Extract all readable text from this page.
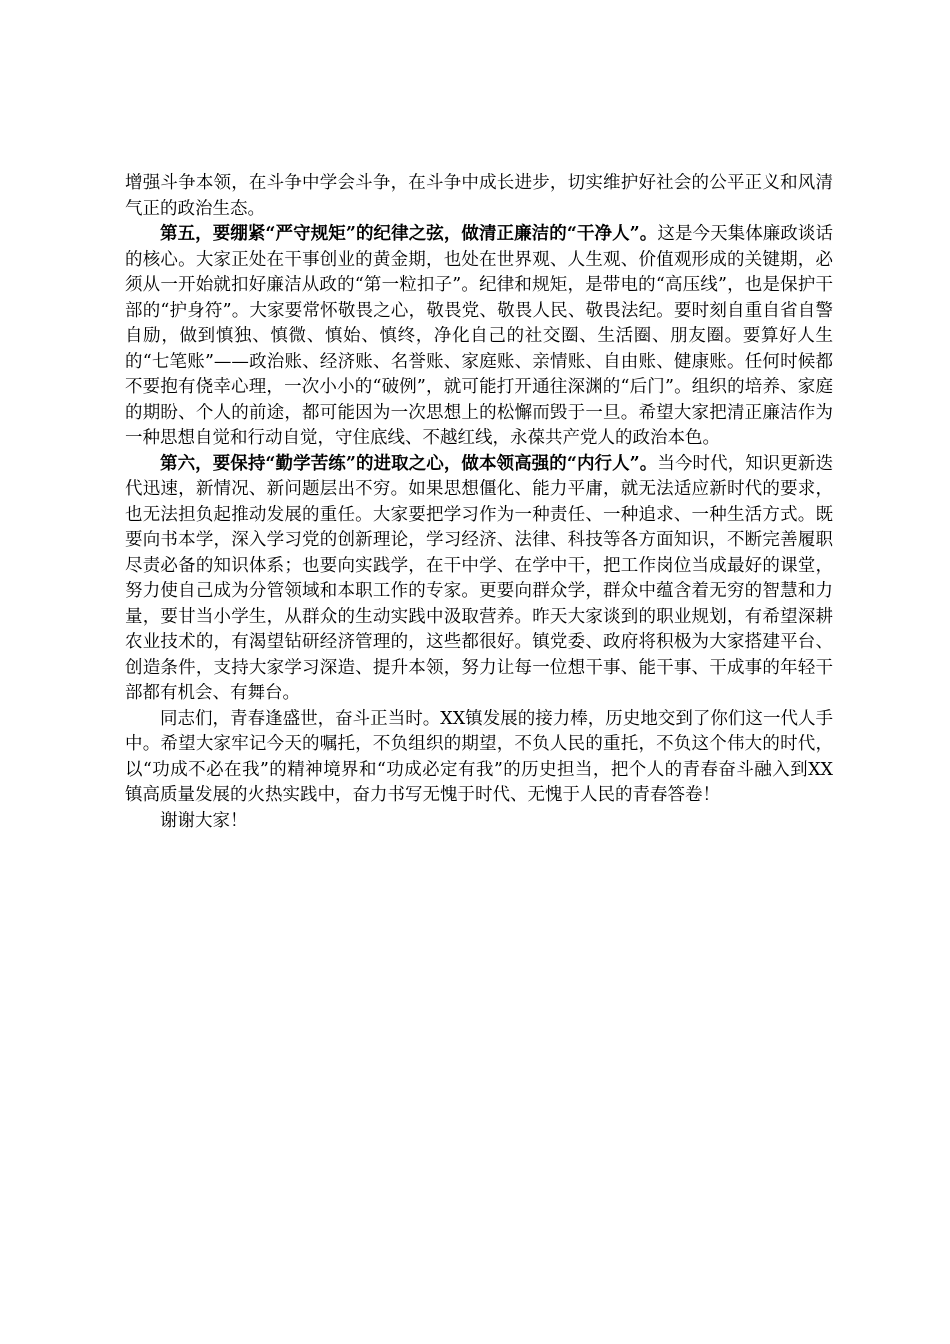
增强斗争本领，在斗争中学会斗争，在斗争中成长进步，切实维护好社会的公平正义和风清气正的政治生态。

第五，要绷紧“严守规矩”的纪律之弦，做清正廉洁的“干净人”。这是今天集体廉政谈话的核心。大家正处在干事创业的黄金期，也处在世界观、人生观、价值观形成的关键期，必须从一开始就扣好廉洁从政的“第一粒扣子”。纪律和规矩，是带电的“高压线”，也是保护干部的“护身符”。大家要常怀敬畏之心，敬畏党、敬畏人民、敬畏法纪。要时刻自重自省自警自励，做到慎独、慎微、慎始、慎终，净化自己的社交圈、生活圈、朋友圈。要算好人生的“七笔账”——政治账、经济账、名誉账、家庭账、亲情账、自由账、健康账。任何时候都不要抱有侥幸心理，一次小小的“破例”，就可能打开通往深渊的“后门”。组织的培养、家庭的期盼、个人的前途，都可能因为一次思想上的松懈而毁于一旦。希望大家把清正廉洁作为一种思想自觉和行动自觉，守住底线、不越红线，永葆共产党人的政治本色。

第六，要保持“勤学苦练”的进取之心，做本领高强的“内行人”。当今时代，知识更新迭代迅速，新情况、新问题层出不穷。如果思想僵化、能力平庸，就无法适应新时代的要求，也无法担负起推动发展的重任。大家要把学习作为一种责任、一种追求、一种生活方式。既要向书本学，深入学习党的创新理论，学习经济、法律、科技等各方面知识，不断完善履职尽责必备的知识体系；也要向实践学，在干中学、在学中干，把工作岗位当成最好的课堂，努力使自己成为分管领域和本职工作的专家。更要向群众学，群众中蕴含着无穷的智慧和力量，要甘当小学生，从群众的生动实践中汲取营养。昨天大家谈到的职业规划，有希望深耕农业技术的，有渴望钻研经济管理的，这些都很好。镇党委、政府将积极为大家搭建平台、创造条件，支持大家学习深造、提升本领，努力让每一位想干事、能干事、干成事的年轻干部都有机会、有舞台。

同志们，青春逢盛世，奋斗正当时。XX镇发展的接力棒，历史地交到了你们这一代人手中。希望大家牢记今天的嘱托，不负组织的期望，不负人民的重托，不负这个伟大的时代，以“功成不必在我”的精神境界和“功成必定有我”的历史担当，把个人的青春奋斗融入到XX镇高质量发展的火热实践中，奋力书写无愧于时代、无愧于人民的青春答卷！

谢谢大家！
